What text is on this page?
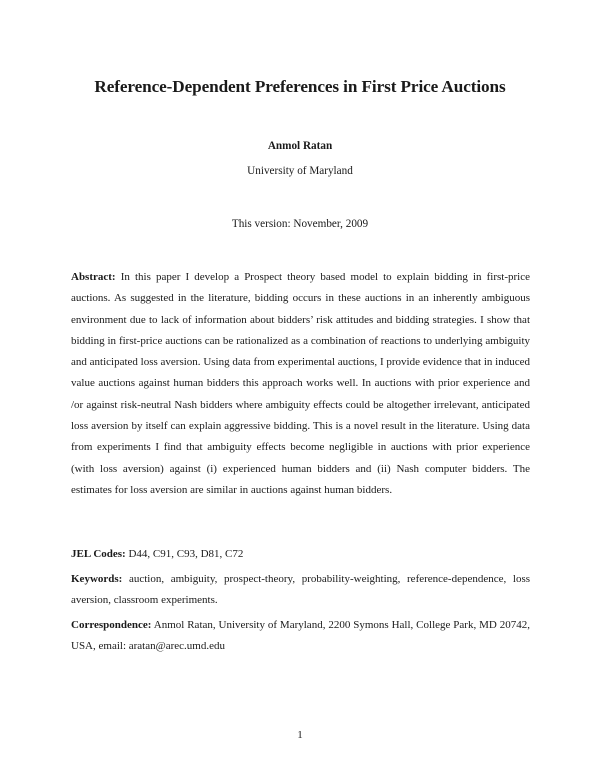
Reference-Dependent Preferences in First Price Auctions
Anmol Ratan
University of Maryland
This version: November, 2009
Abstract: In this paper I develop a Prospect theory based model to explain bidding in first-price auctions. As suggested in the literature, bidding occurs in these auctions in an inherently ambiguous environment due to lack of information about bidders’ risk attitudes and bidding strategies. I show that bidding in first-price auctions can be rationalized as a combination of reactions to underlying ambiguity and anticipated loss aversion. Using data from experimental auctions, I provide evidence that in induced value auctions against human bidders this approach works well. In auctions with prior experience and /or against risk-neutral Nash bidders where ambiguity effects could be altogether irrelevant, anticipated loss aversion by itself can explain aggressive bidding. This is a novel result in the literature. Using data from experiments I find that ambiguity effects become negligible in auctions with prior experience (with loss aversion) against (i) experienced human bidders and (ii) Nash computer bidders. The estimates for loss aversion are similar in auctions against human bidders.
JEL Codes: D44, C91, C93, D81, C72
Keywords: auction, ambiguity, prospect-theory, probability-weighting, reference-dependence, loss aversion, classroom experiments.
Correspondence: Anmol Ratan, University of Maryland, 2200 Symons Hall, College Park, MD 20742, USA, email: aratan@arec.umd.edu
1
